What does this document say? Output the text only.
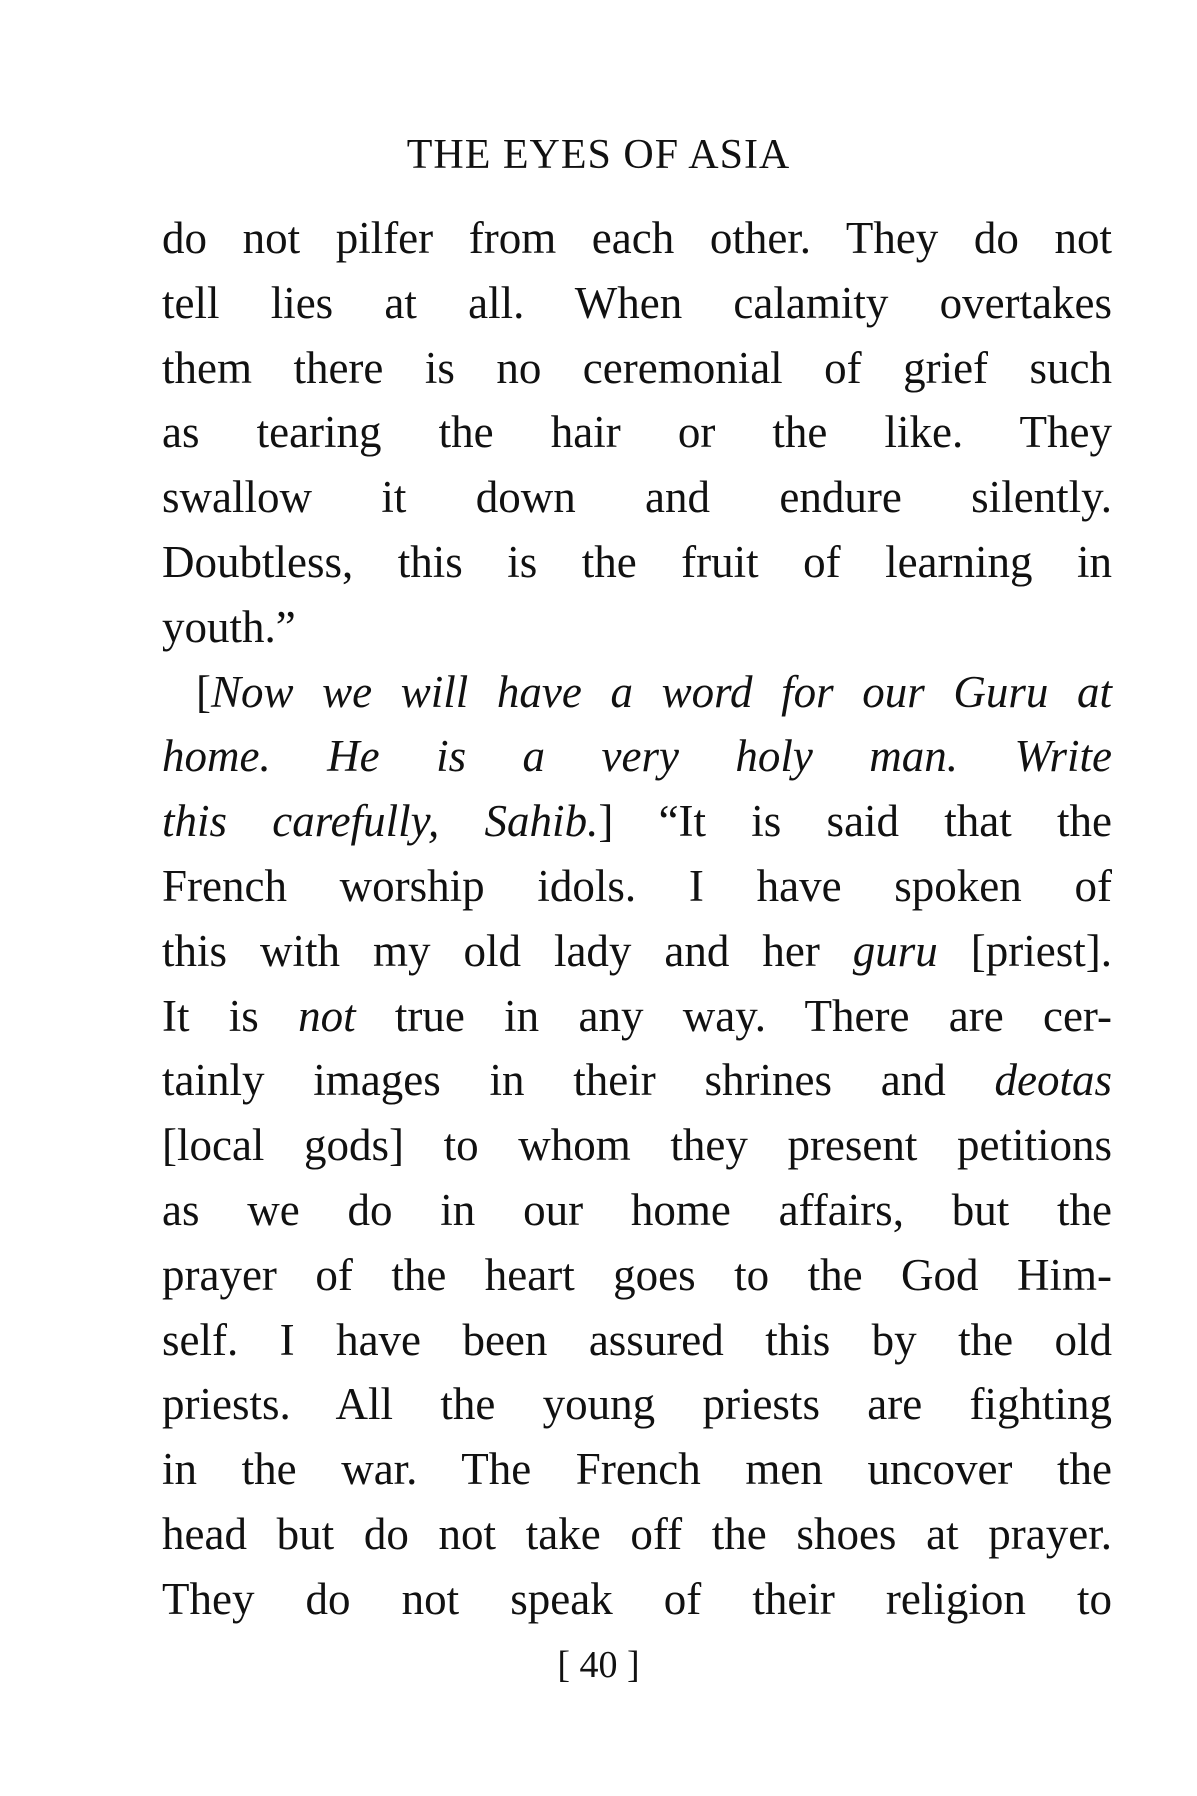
THE EYES OF ASIA
do not pilfer from each other. They do not
tell lies at all. When calamity overtakes
them there is no ceremonial of grief such
as tearing the hair or the like. They
swallow it down and endure silently.
Doubtless, this is the fruit of learning in
youth.”
[Now we will have a word for our Guru at
home. He is a very holy man. Write
this carefully, Sahib.] “It is said that the
French worship idols. I have spoken of
this with my old lady and her guru [priest].
It is not true in any way. There are cer-
tainly images in their shrines and deotas
[local gods] to whom they present petitions
as we do in our home affairs, but the
prayer of the heart goes to the God Him-
self. I have been assured this by the old
priests. All the young priests are fighting
in the war. The French men uncover the
head but do not take off the shoes at prayer.
They do not speak of their religion to
[ 40 ]
